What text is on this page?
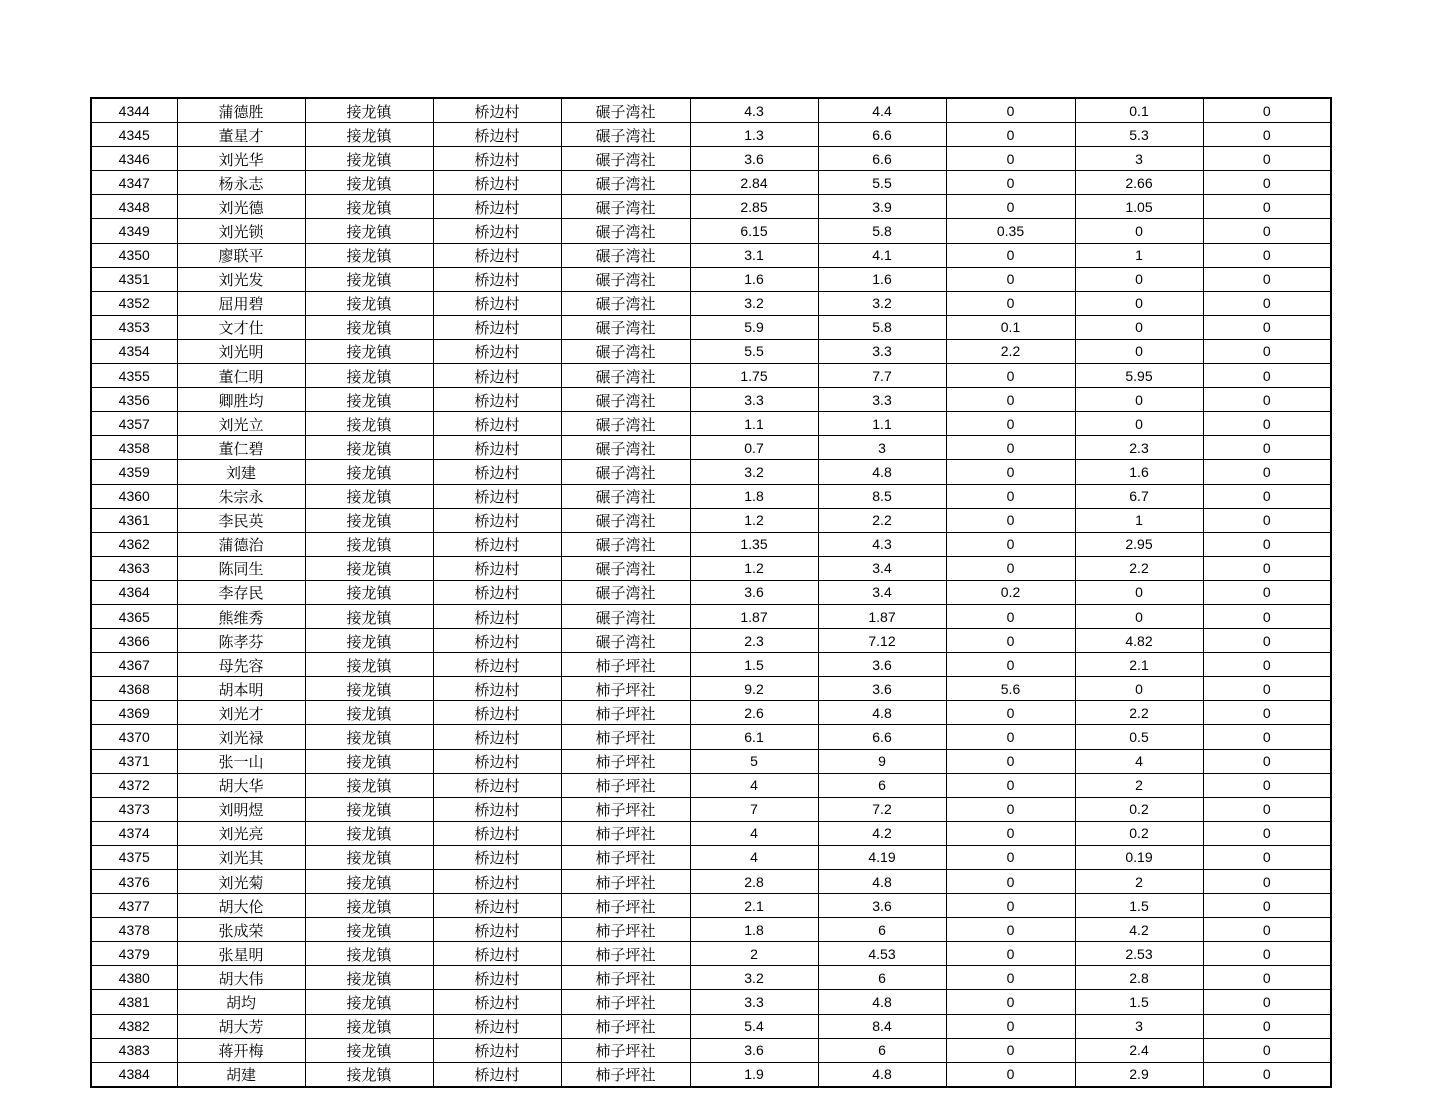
4344	蒲德胜	接龙镇	桥边村	碾子湾社	4.3	4.4	0	0.1	0
4345	董星才	接龙镇	桥边村	碾子湾社	1.3	6.6	0	5.3	0
4346	刘光华	接龙镇	桥边村	碾子湾社	3.6	6.6	0	3	0
4347	杨永志	接龙镇	桥边村	碾子湾社	2.84	5.5	0	2.66	0
4348	刘光德	接龙镇	桥边村	碾子湾社	2.85	3.9	0	1.05	0
4349	刘光锁	接龙镇	桥边村	碾子湾社	6.15	5.8	0.35	0	0
4350	廖联平	接龙镇	桥边村	碾子湾社	3.1	4.1	0	1	0
4351	刘光发	接龙镇	桥边村	碾子湾社	1.6	1.6	0	0	0
4352	屈用碧	接龙镇	桥边村	碾子湾社	3.2	3.2	0	0	0
4353	文才仕	接龙镇	桥边村	碾子湾社	5.9	5.8	0.1	0	0
4354	刘光明	接龙镇	桥边村	碾子湾社	5.5	3.3	2.2	0	0
4355	董仁明	接龙镇	桥边村	碾子湾社	1.75	7.7	0	5.95	0
4356	卿胜均	接龙镇	桥边村	碾子湾社	3.3	3.3	0	0	0
4357	刘光立	接龙镇	桥边村	碾子湾社	1.1	1.1	0	0	0
4358	董仁碧	接龙镇	桥边村	碾子湾社	0.7	3	0	2.3	0
4359	刘建	接龙镇	桥边村	碾子湾社	3.2	4.8	0	1.6	0
4360	朱宗永	接龙镇	桥边村	碾子湾社	1.8	8.5	0	6.7	0
4361	李民英	接龙镇	桥边村	碾子湾社	1.2	2.2	0	1	0
4362	蒲德治	接龙镇	桥边村	碾子湾社	1.35	4.3	0	2.95	0
4363	陈同生	接龙镇	桥边村	碾子湾社	1.2	3.4	0	2.2	0
4364	李存民	接龙镇	桥边村	碾子湾社	3.6	3.4	0.2	0	0
4365	熊维秀	接龙镇	桥边村	碾子湾社	1.87	1.87	0	0	0
4366	陈孝芬	接龙镇	桥边村	碾子湾社	2.3	7.12	0	4.82	0
4367	母先容	接龙镇	桥边村	柿子坪社	1.5	3.6	0	2.1	0
4368	胡本明	接龙镇	桥边村	柿子坪社	9.2	3.6	5.6	0	0
4369	刘光才	接龙镇	桥边村	柿子坪社	2.6	4.8	0	2.2	0
4370	刘光禄	接龙镇	桥边村	柿子坪社	6.1	6.6	0	0.5	0
4371	张一山	接龙镇	桥边村	柿子坪社	5	9	0	4	0
4372	胡大华	接龙镇	桥边村	柿子坪社	4	6	0	2	0
4373	刘明煜	接龙镇	桥边村	柿子坪社	7	7.2	0	0.2	0
4374	刘光亮	接龙镇	桥边村	柿子坪社	4	4.2	0	0.2	0
4375	刘光其	接龙镇	桥边村	柿子坪社	4	4.19	0	0.19	0
4376	刘光菊	接龙镇	桥边村	柿子坪社	2.8	4.8	0	2	0
4377	胡大伦	接龙镇	桥边村	柿子坪社	2.1	3.6	0	1.5	0
4378	张成荣	接龙镇	桥边村	柿子坪社	1.8	6	0	4.2	0
4379	张星明	接龙镇	桥边村	柿子坪社	2	4.53	0	2.53	0
4380	胡大伟	接龙镇	桥边村	柿子坪社	3.2	6	0	2.8	0
4381	胡均	接龙镇	桥边村	柿子坪社	3.3	4.8	0	1.5	0
4382	胡大芳	接龙镇	桥边村	柿子坪社	5.4	8.4	0	3	0
4383	蒋开梅	接龙镇	桥边村	柿子坪社	3.6	6	0	2.4	0
4384	胡建	接龙镇	桥边村	柿子坪社	1.9	4.8	0	2.9	0
